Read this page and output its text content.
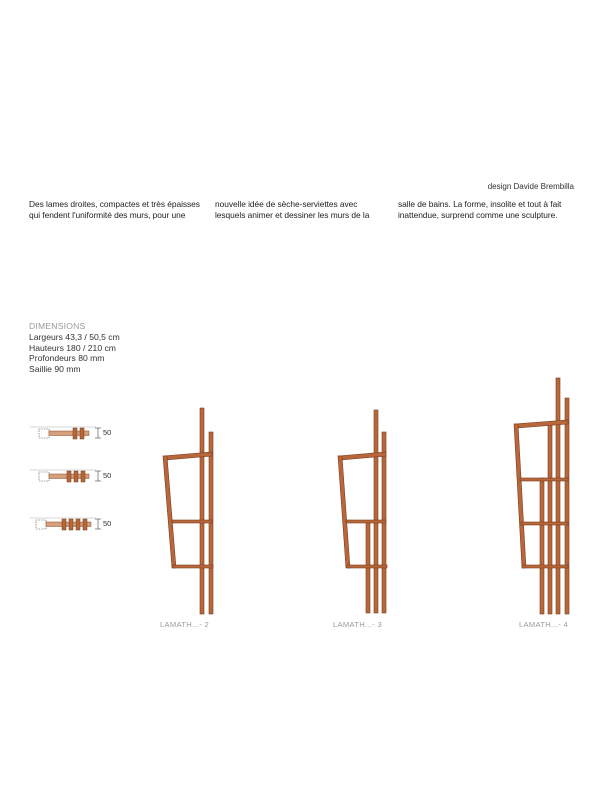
design Davide Brembilla
Des lames droites, compactes et très épaisses
qui fendent l'uniformité des murs, pour une
nouvelle idée de sèche-serviettes avec
lesquels animer et dessiner les murs de la
salle de bains. La forme, insolite et tout à fait
inattendue, surprend comme une sculpture.
DIMENSIONS
Largeurs 43,3 / 50,5 cm
Hauteurs 180 / 210 cm
Profondeurs 80 mm
Saillie 90 mm
50
50
50
LAMATH...- 2	LAMATH...- 3	LAMATH...- 4
